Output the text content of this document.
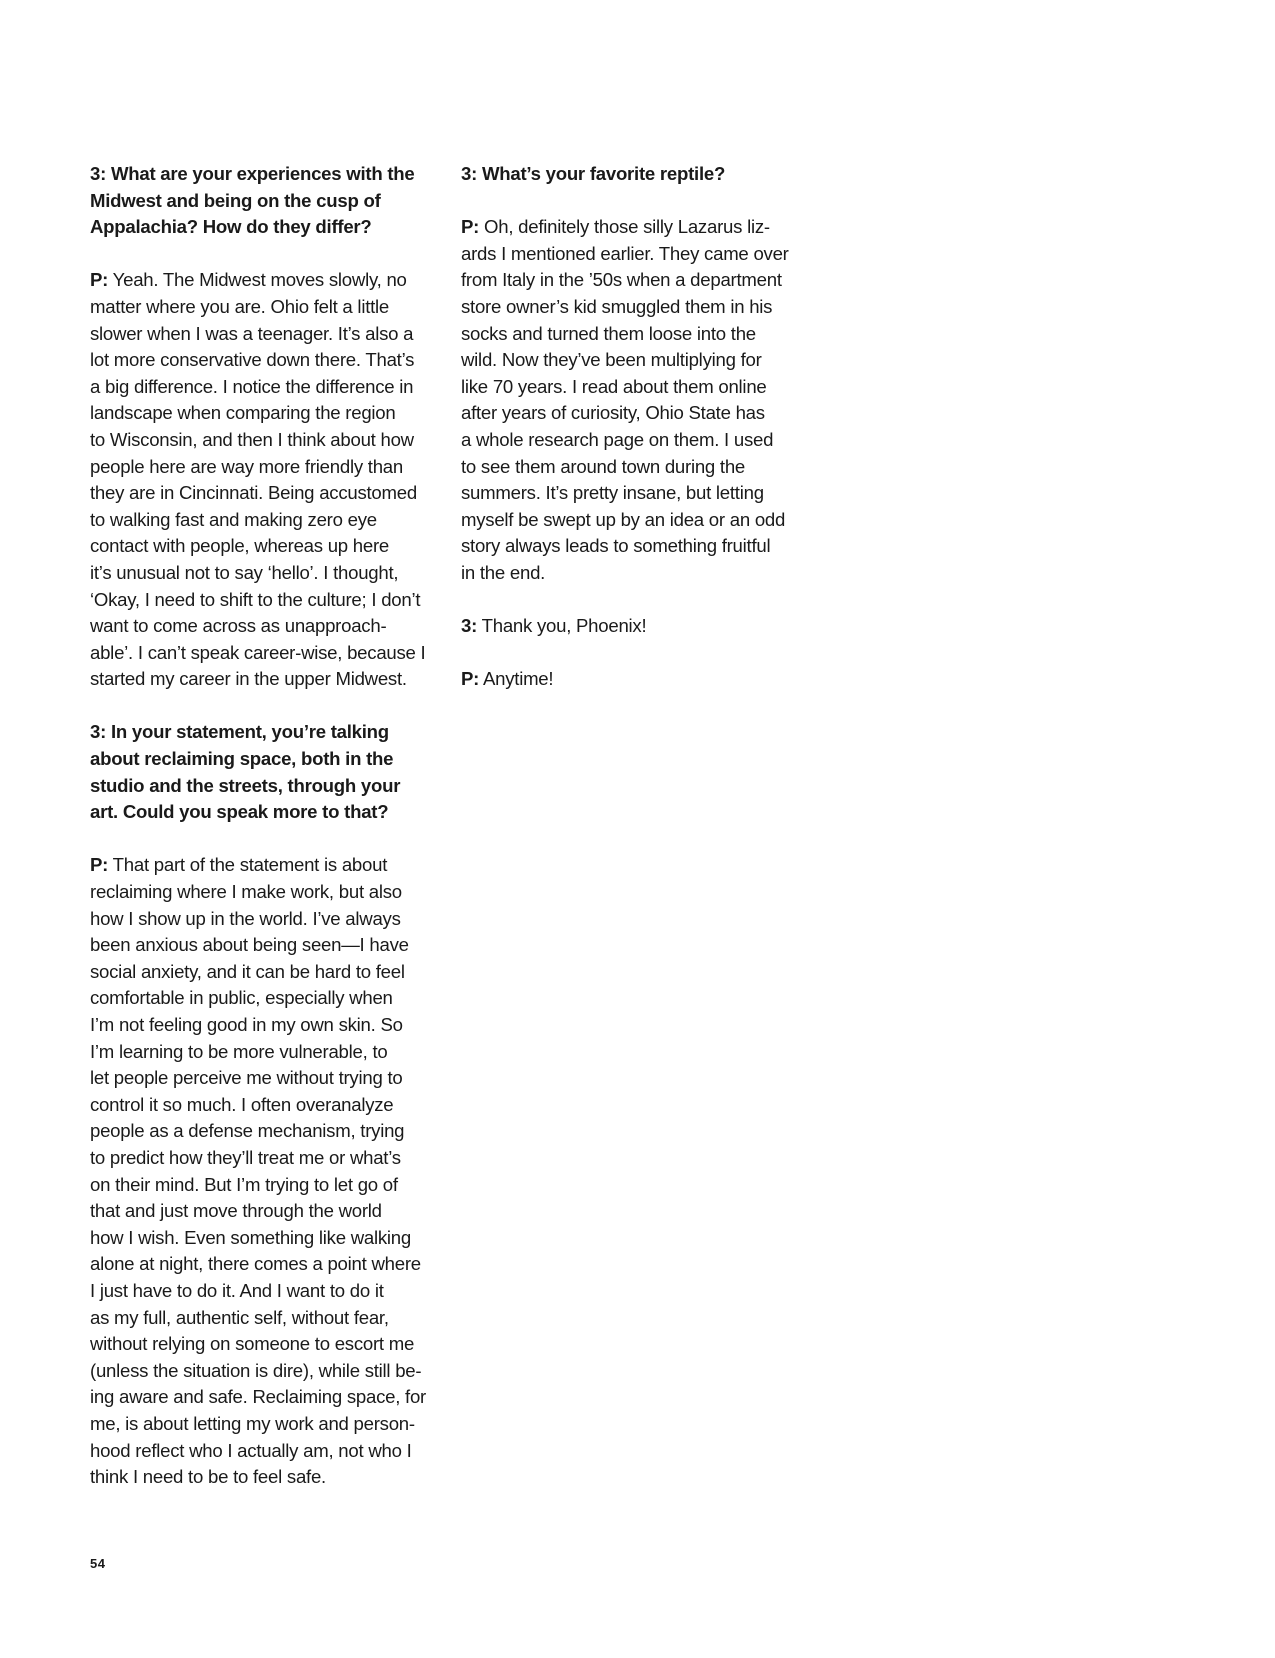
3: What are your experiences with the
Midwest and being on the cusp of
Appalachia? How do they differ?
P: Yeah. The Midwest moves slowly, no
matter where you are. Ohio felt a little
slower when I was a teenager. It’s also a
lot more conservative down there. That’s
a big difference. I notice the difference in
landscape when comparing the region
to Wisconsin, and then I think about how
people here are way more friendly than
they are in Cincinnati. Being accustomed
to walking fast and making zero eye
contact with people, whereas up here
it’s unusual not to say ‘hello’. I thought,
‘Okay, I need to shift to the culture; I don’t
want to come across as unapproach-
able’. I can’t speak career-wise, because I
started my career in the upper Midwest.
3: In your statement, you’re talking
about reclaiming space, both in the
studio and the streets, through your
art. Could you speak more to that?
P: That part of the statement is about
reclaiming where I make work, but also
how I show up in the world. I’ve always
been anxious about being seen—I have
social anxiety, and it can be hard to feel
comfortable in public, especially when
I’m not feeling good in my own skin. So
I’m learning to be more vulnerable, to
let people perceive me without trying to
control it so much. I often overanalyze
people as a defense mechanism, trying
to predict how they’ll treat me or what’s
on their mind. But I’m trying to let go of
that and just move through the world
how I wish. Even something like walking
alone at night, there comes a point where
I just have to do it. And I want to do it
as my full, authentic self, without fear,
without relying on someone to escort me
(unless the situation is dire), while still be-
ing aware and safe. Reclaiming space, for
me, is about letting my work and person-
hood reflect who I actually am, not who I
think I need to be to feel safe.
3: What’s your favorite reptile?
P: Oh, definitely those silly Lazarus liz-
ards I mentioned earlier. They came over
from Italy in the ’50s when a department
store owner’s kid smuggled them in his
socks and turned them loose into the
wild. Now they’ve been multiplying for
like 70 years. I read about them online
after years of curiosity, Ohio State has
a whole research page on them. I used
to see them around town during the
summers. It’s pretty insane, but letting
myself be swept up by an idea or an odd
story always leads to something fruitful
in the end.
3: Thank you, Phoenix!
P: Anytime!
54
